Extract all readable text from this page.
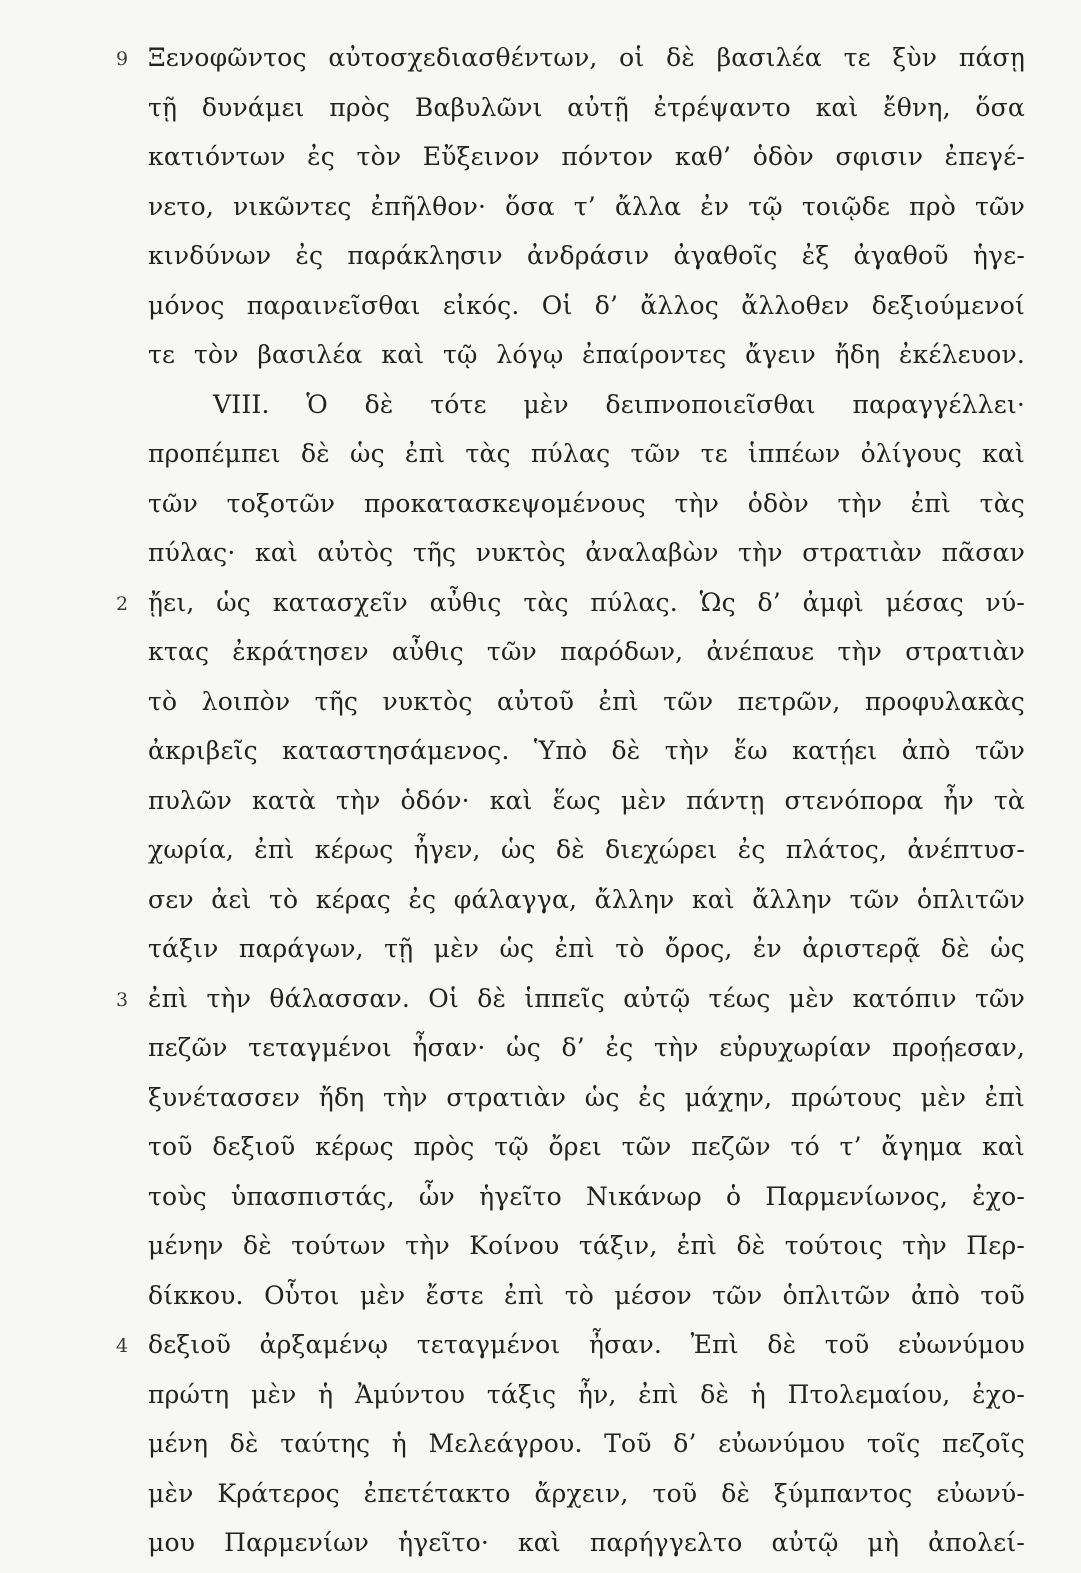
9 Ξενοφῶντος αὐτοσχεδιασθέντων, οἱ δὲ βασιλέα τε ξὺν πάσῃ
τῇ δυνάμει πρὸς Βαβυλῶνι αὐτῇ ἐτρέψαντο καὶ ἔθνη, ὅσα
κατιόντων ἐς τὸν Εὔξεινον πόντον καθ’ ὁδὸν σφισιν ἐπεγέ-
νετο, νικῶντες ἐπῆλθον· ὅσα τ’ ἄλλα ἐν τῷ τοιῷδε πρὸ τῶν
κινδύνων ἐς παράκλησιν ἀνδράσιν ἀγαθοῖς ἐξ ἀγαθοῦ ἡγε-
μόνος παραινεῖσθαι εἰκός. Οἱ δ’ ἄλλος ἄλλοθεν δεξιούμενοί
τε τὸν βασιλέα καὶ τῷ λόγῳ ἐπαίροντες ἄγειν ἤδη ἐκέλευον.
VIII. Ὁ δὲ τότε μὲν δειπνοποιεῖσθαι παραγγέλλει·
προπέμπει δὲ ὡς ἐπὶ τὰς πύλας τῶν τε ἱππέων ὀλίγους καὶ
τῶν τοξοτῶν προκατασκεψομένους τὴν ὁδὸν τὴν ἐπὶ τὰς
πύλας· καὶ αὐτὸς τῆς νυκτὸς ἀναλαβὼν τὴν στρατιὰν πᾶσαν
2 ᾔει, ὡς κατασχεῖν αὖθις τὰς πύλας. Ὡς δ’ ἀμφὶ μέσας νύ-
κτας ἐκράτησεν αὖθις τῶν παρόδων, ἀνέπαυε τὴν στρατιὰν
τὸ λοιπὸν τῆς νυκτὸς αὐτοῦ ἐπὶ τῶν πετρῶν, προφυλακὰς
ἀκριβεῖς καταστησάμενος. Ὑπὸ δὲ τὴν ἕω κατῄει ἀπὸ τῶν
πυλῶν κατὰ τὴν ὁδόν· καὶ ἕως μὲν πάντῃ στενόπορα ἦν τὰ
χωρία, ἐπὶ κέρως ἦγεν, ὡς δὲ διεχώρει ἐς πλάτος, ἀνέπτυσ-
σεν ἀεὶ τὸ κέρας ἐς φάλαγγα, ἄλλην καὶ ἄλλην τῶν ὁπλιτῶν
τάξιν παράγων, τῇ μὲν ὡς ἐπὶ τὸ ὄρος, ἐν ἀριστερᾷ δὲ ὡς
3 ἐπὶ τὴν θάλασσαν. Οἱ δὲ ἱππεῖς αὐτῷ τέως μὲν κατόπιν τῶν
πεζῶν τεταγμένοι ἦσαν· ὡς δ’ ἐς τὴν εὐρυχωρίαν προῄεσαν,
ξυνέτασσεν ἤδη τὴν στρατιὰν ὡς ἐς μάχην, πρώτους μὲν ἐπὶ
τοῦ δεξιοῦ κέρως πρὸς τῷ ὄρει τῶν πεζῶν τό τ’ ἄγημα καὶ
τοὺς ὑπασπιστάς, ὧν ἡγεῖτο Νικάνωρ ὁ Παρμενίωνος, ἐχο-
μένην δὲ τούτων τὴν Κοίνου τάξιν, ἐπὶ δὲ τούτοις τὴν Περ-
δίκκου. Οὗτοι μὲν ἔστε ἐπὶ τὸ μέσον τῶν ὁπλιτῶν ἀπὸ τοῦ
4 δεξιοῦ ἀρξαμένῳ τεταγμένοι ἦσαν. Ἐπὶ δὲ τοῦ εὐωνύμου
πρώτη μὲν ἡ Ἀμύντου τάξις ἦν, ἐπὶ δὲ ἡ Πτολεμαίου, ἐχο-
μένη δὲ ταύτης ἡ Μελεάγρου. Τοῦ δ’ εὐωνύμου τοῖς πεζοῖς
μὲν Κράτερος ἐπετέτακτο ἄρχειν, τοῦ δὲ ξύμπαντος εὐωνύ-
μου Παρμενίων ἡγεῖτο· καὶ παρήγγελτο αὐτῷ μὴ ἀπολεί-
